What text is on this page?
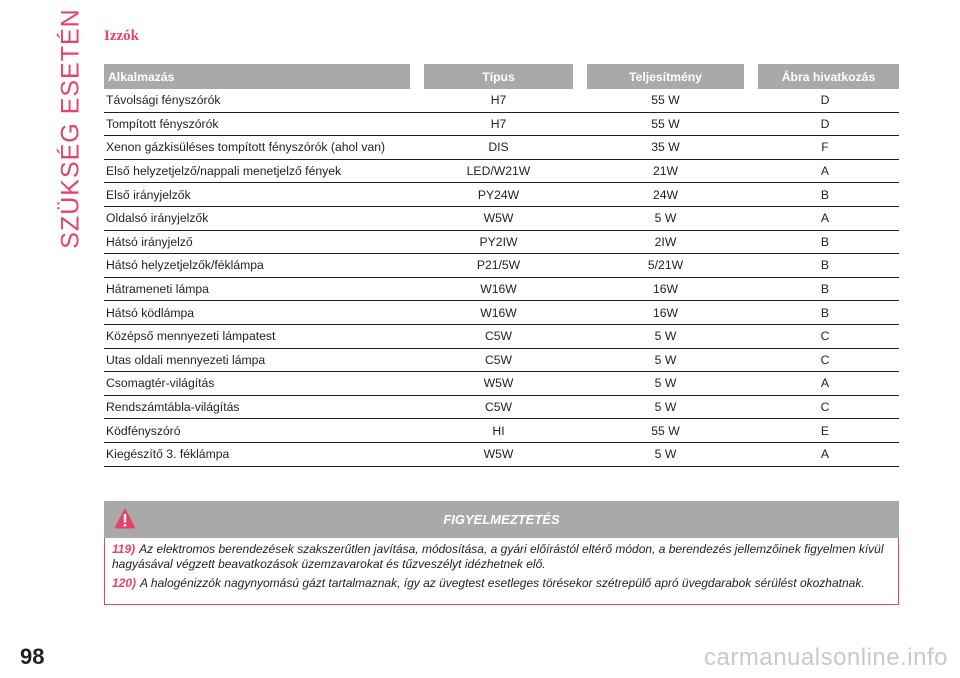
SZÜKSÉG ESETÉN Izzók
Alkalmazás	Típus	Teljesítmény	Ábra hivatkozás
Távolsági fényszórók	H7	55 W	D
Tompított fényszórók	H7	55 W	D
Xenon gázkisüléses tompított fényszórók (ahol van)	DIS	35 W	F
Első helyzetjelző/nappali menetjelző fények	LED/W21W	21W	A
Első irányjelzők	PY24W	24W	B
Oldalsó irányjelzők	W5W	5 W	A
Hátsó irányjelző	PY2IW	2IW	B
Hátsó helyzetjelzők/féklámpa	P21/5W	5/21W	B
Hátrameneti lámpa	W16W	16W	B
Hátsó ködlámpa	W16W	16W	B
Középső mennyezeti lámpatest	C5W	5 W	C
Utas oldali mennyezeti lámpa	C5W	5 W	C
Csomagtér-világítás	W5W	5 W	A
Rendszámtábla-világítás	C5W	5 W	C
Ködfényszóró	HI	55 W	E
Kiegészítő 3. féklámpa	W5W	5 W	A
FIGYELMEZTETÉS

119) Az elektromos berendezések szakszerűtlen javítása, módosítása, a gyári előírástól eltérő módon, a berendezés jellemzőinek figyelmen kívül hagyásával végzett beavatkozások üzemzavarokat és tűzveszélyt idézhetnek elő.

120) A halogénizzók nagynyomású gázt tartalmaznak, így az üvegtest esetleges törésekor szétrepülő apró üvegdarabok sérülést okozhatnak.

98	carmanualsonline.info
